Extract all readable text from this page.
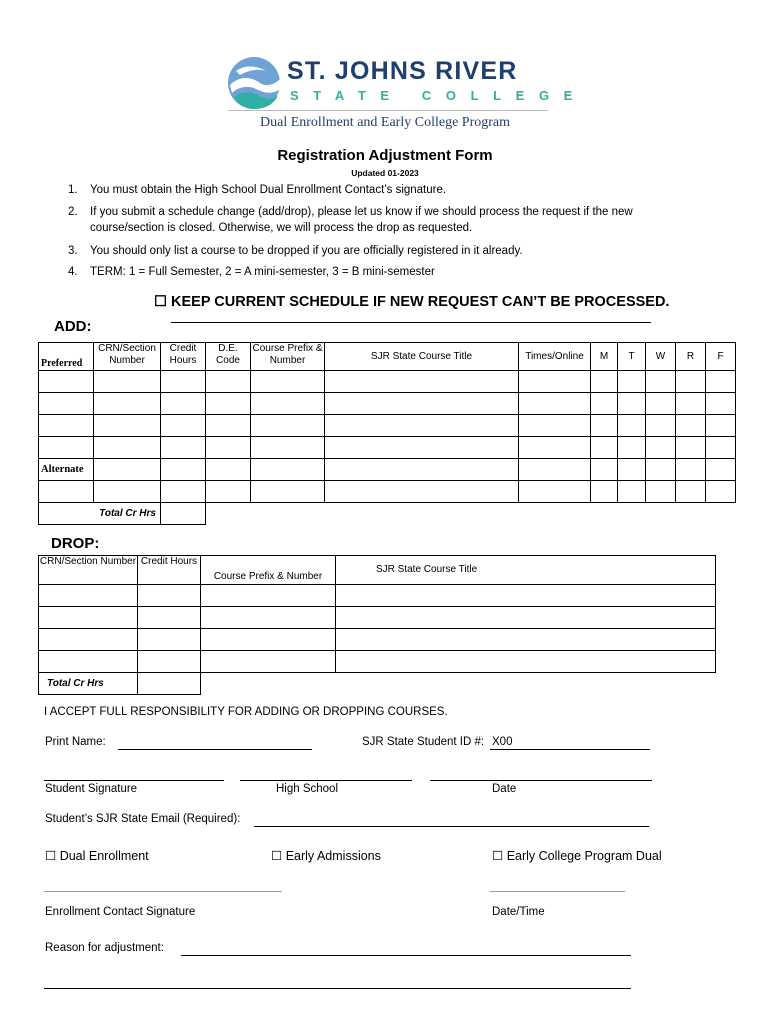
ST. JOHNS RIVER
STATE COLLEGE
Dual Enrollment and Early College Program
Registration Adjustment Form
Updated 01-2023
1. You must obtain the High School Dual Enrollment Contact’s signature.
2. If you submit a schedule change (add/drop), please let us know if we should process the request if the new course/section is closed. Otherwise, we will process the drop as requested.
3. You should only list a course to be dropped if you are officially registered in it already.
4. TERM: 1 = Full Semester, 2 = A mini-semester, 3 = B mini-semester
☐ KEEP CURRENT SCHEDULE IF NEW REQUEST CAN’T BE PROCESSED.
ADD:
Preferred	CRN/Section Number	Credit Hours	D.E. Code	Course Prefix & Number	SJR State Course Title	Times/Online	M	T	W	R	F

Alternate											

Total Cr Hrs											
DROP:
CRN/Section Number	Credit Hours	Course Prefix & Number	SJR State Course Title

Total Cr Hrs			
I ACCEPT FULL RESPONSIBILITY FOR ADDING OR DROPPING COURSES.
Print Name:	SJR State Student ID #: X00
Student Signature	High School	Date
Student’s SJR State Email (Required):
☐ Dual Enrollment	☐ Early Admissions	☐ Early College Program Dual
Enrollment Contact Signature	Date/Time
Reason for adjustment:
